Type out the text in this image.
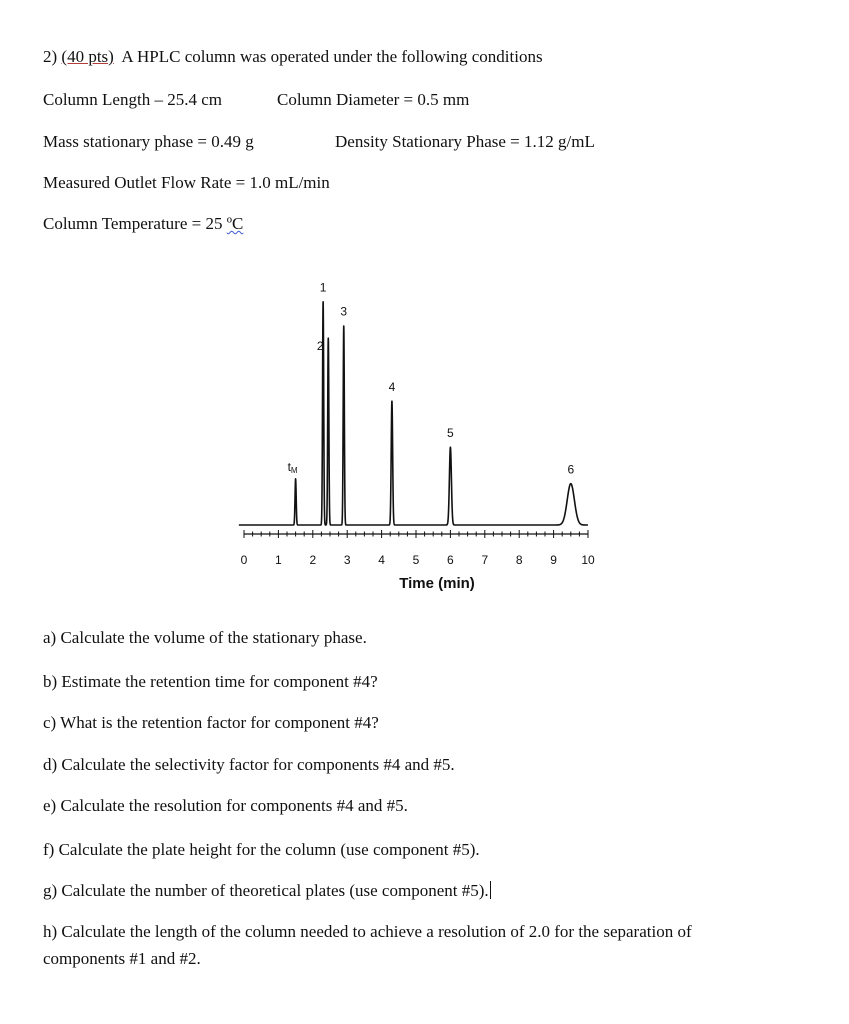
2) (40 pts)  A HPLC column was operated under the following conditions
Column Length – 25.4 cm	Column Diameter = 0.5 mm
Mass stationary phase = 0.49 g	Density Stationary Phase = 1.12 g/mL
Measured Outlet Flow Rate = 1.0 mL/min
Column Temperature = 25 ºC
tM
1
2
3
4
5
6
0 1 2 3 4 5 6 7 8 9 10
Time (min)
a) Calculate the volume of the stationary phase.
b) Estimate the retention time for component #4?
c) What is the retention factor for component #4?
d) Calculate the selectivity factor for components #4 and #5.
e) Calculate the resolution for components #4 and #5.
f) Calculate the plate height for the column (use component #5).
g) Calculate the number of theoretical plates (use component #5).
h) Calculate the length of the column needed to achieve a resolution of 2.0 for the separation of
components #1 and #2.
